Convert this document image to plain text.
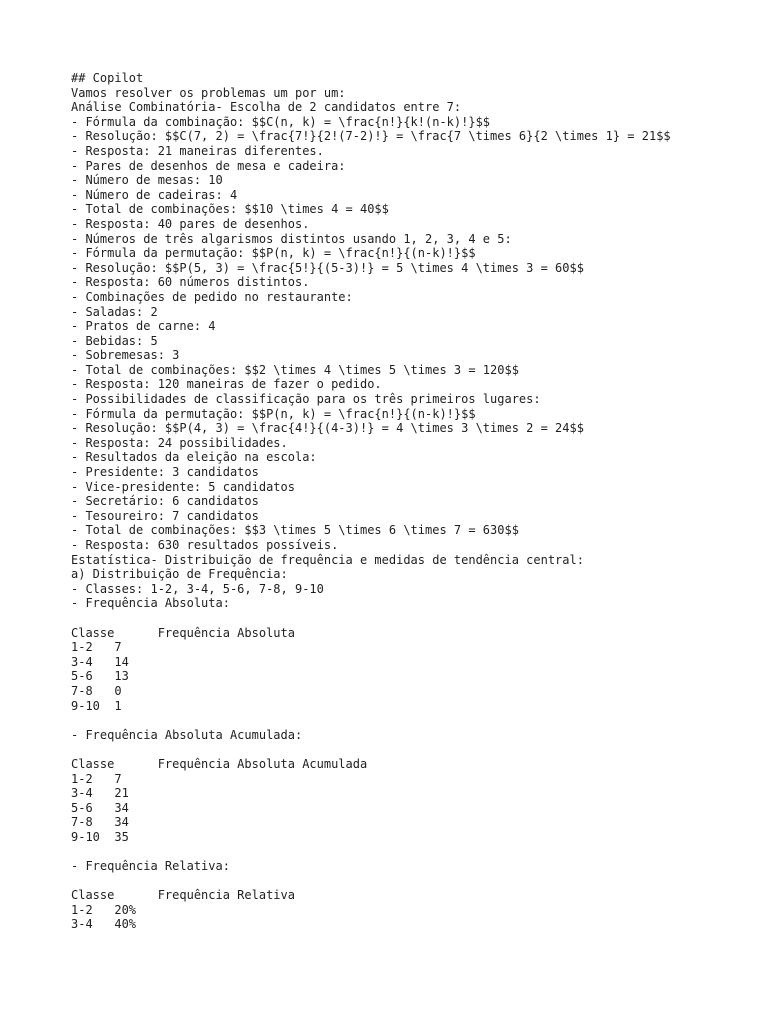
## Copilot
Vamos resolver os problemas um por um:
Análise Combinatória- Escolha de 2 candidatos entre 7:
- Fórmula da combinação: $$C(n, k) = \frac{n!}{k!(n-k)!}$$
- Resolução: $$C(7, 2) = \frac{7!}{2!(7-2)!} = \frac{7 \times 6}{2 \times 1} = 21$$
- Resposta: 21 maneiras diferentes.
- Pares de desenhos de mesa e cadeira:
- Número de mesas: 10
- Número de cadeiras: 4
- Total de combinações: $$10 \times 4 = 40$$
- Resposta: 40 pares de desenhos.
- Números de três algarismos distintos usando 1, 2, 3, 4 e 5:
- Fórmula da permutação: $$P(n, k) = \frac{n!}{(n-k)!}$$
- Resolução: $$P(5, 3) = \frac{5!}{(5-3)!} = 5 \times 4 \times 3 = 60$$
- Resposta: 60 números distintos.
- Combinações de pedido no restaurante:
- Saladas: 2
- Pratos de carne: 4
- Bebidas: 5
- Sobremesas: 3
- Total de combinações: $$2 \times 4 \times 5 \times 3 = 120$$
- Resposta: 120 maneiras de fazer o pedido.
- Possibilidades de classificação para os três primeiros lugares:
- Fórmula da permutação: $$P(n, k) = \frac{n!}{(n-k)!}$$
- Resolução: $$P(4, 3) = \frac{4!}{(4-3)!} = 4 \times 3 \times 2 = 24$$
- Resposta: 24 possibilidades.
- Resultados da eleição na escola:
- Presidente: 3 candidatos
- Vice-presidente: 5 candidatos
- Secretário: 6 candidatos
- Tesoureiro: 7 candidatos
- Total de combinações: $$3 \times 5 \times 6 \times 7 = 630$$
- Resposta: 630 resultados possíveis.
Estatística- Distribuição de frequência e medidas de tendência central:
a) Distribuição de Frequência:
- Classes: 1-2, 3-4, 5-6, 7-8, 9-10
- Frequência Absoluta:
Classe      Frequência Absoluta
1-2   7
3-4   14
5-6   13
7-8   0
9-10  1
- Frequência Absoluta Acumulada:
Classe      Frequência Absoluta Acumulada
1-2   7
3-4   21
5-6   34
7-8   34
9-10  35
- Frequência Relativa:
Classe      Frequência Relativa
1-2   20%
3-4   40%
